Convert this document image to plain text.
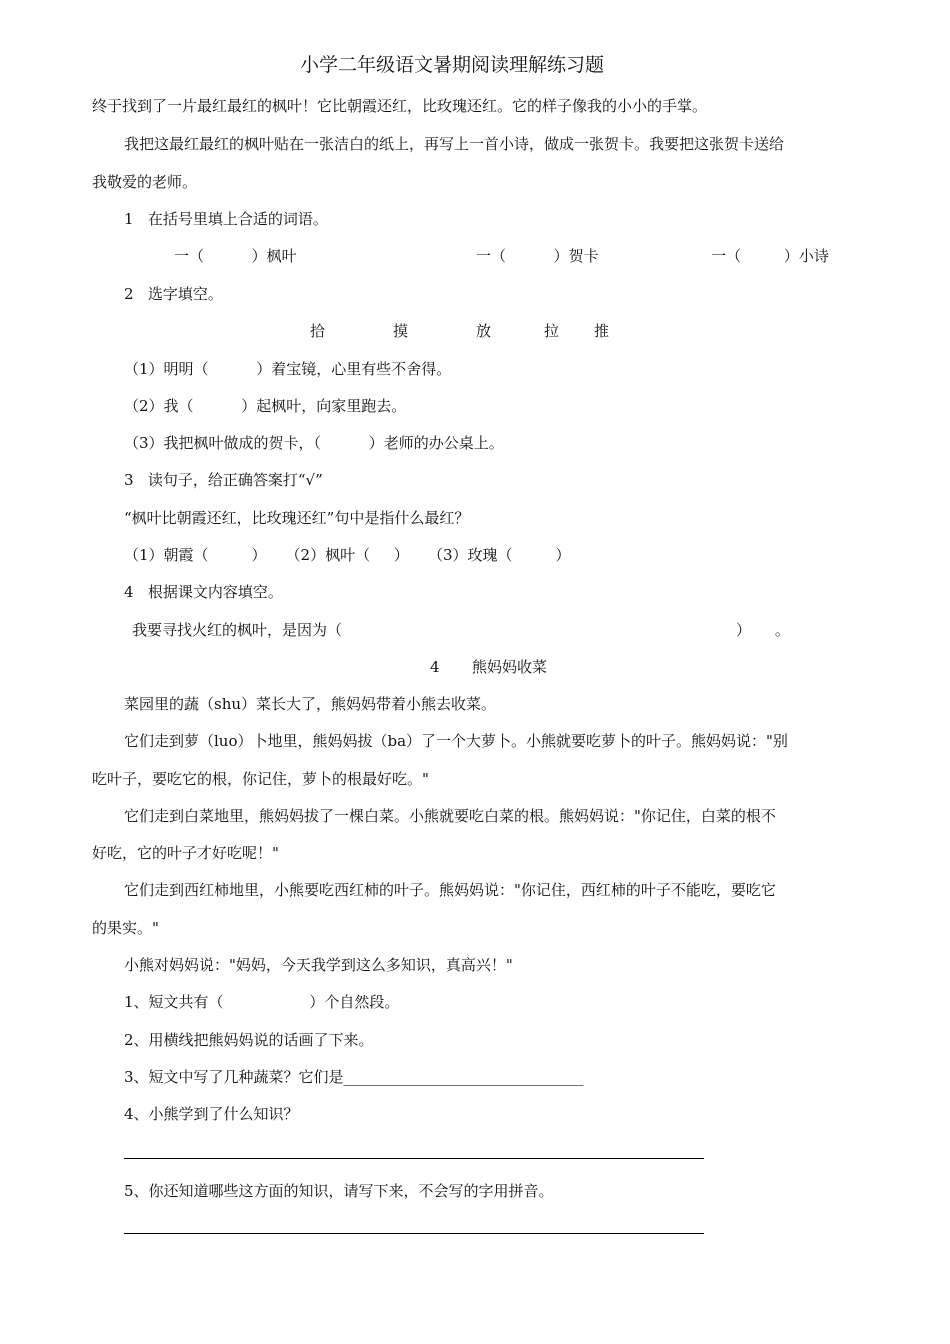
小学二年级语文暑期阅读理解练习题
终于找到了一片最红最红的枫叶！它比朝霞还红，比玫瑰还红。它的样子像我的小小的手掌。
我把这最红最红的枫叶贴在一张洁白的纸上，再写上一首小诗，做成一张贺卡。我要把这张贺卡送给
我敬爱的老师。
1   在括号里填上合适的词语。
一（          ）枫叶	一（          ）贺卡	一（         ）小诗
2   选字填空。
拾	摸	放	拉 推
（1）明明（          ）着宝镜，心里有些不舍得。
（2）我（          ）起枫叶，向家里跑去。
（3）我把枫叶做成的贺卡，（          ）老师的办公桌上。
3   读句子，给正确答案打“√”
“枫叶比朝霞还红，比玫瑰还红”句中是指什么最红？
（1）朝霞（         ）    （2）枫叶（     ）    （3）玫瑰（         ）
4   根据课文内容填空。
我要寻找火红的枫叶，是因为（	）     。
4 熊妈妈收菜
菜园里的蔬（shu）菜长大了，熊妈妈带着小熊去收菜。
它们走到萝（luo）卜地里，熊妈妈拔（ba）了一个大萝卜。小熊就要吃萝卜的叶子。熊妈妈说："别
吃叶子，要吃它的根，你记住，萝卜的根最好吃。"
它们走到白菜地里，熊妈妈拔了一棵白菜。小熊就要吃白菜的根。熊妈妈说："你记住，白菜的根不
好吃，它的叶子才好吃呢！"
它们走到西红柿地里，小熊要吃西红柿的叶子。熊妈妈说："你记住，西红柿的叶子不能吃，要吃它
的果实。"
小熊对妈妈说："妈妈，今天我学到这么多知识，真高兴！"
1、短文共有（                  ）个自然段。
2、用横线把熊妈妈说的话画了下来。
3、短文中写了几种蔬菜？它们是________________________________
4、小熊学到了什么知识？
5、你还知道哪些这方面的知识，请写下来，不会写的字用拼音。
